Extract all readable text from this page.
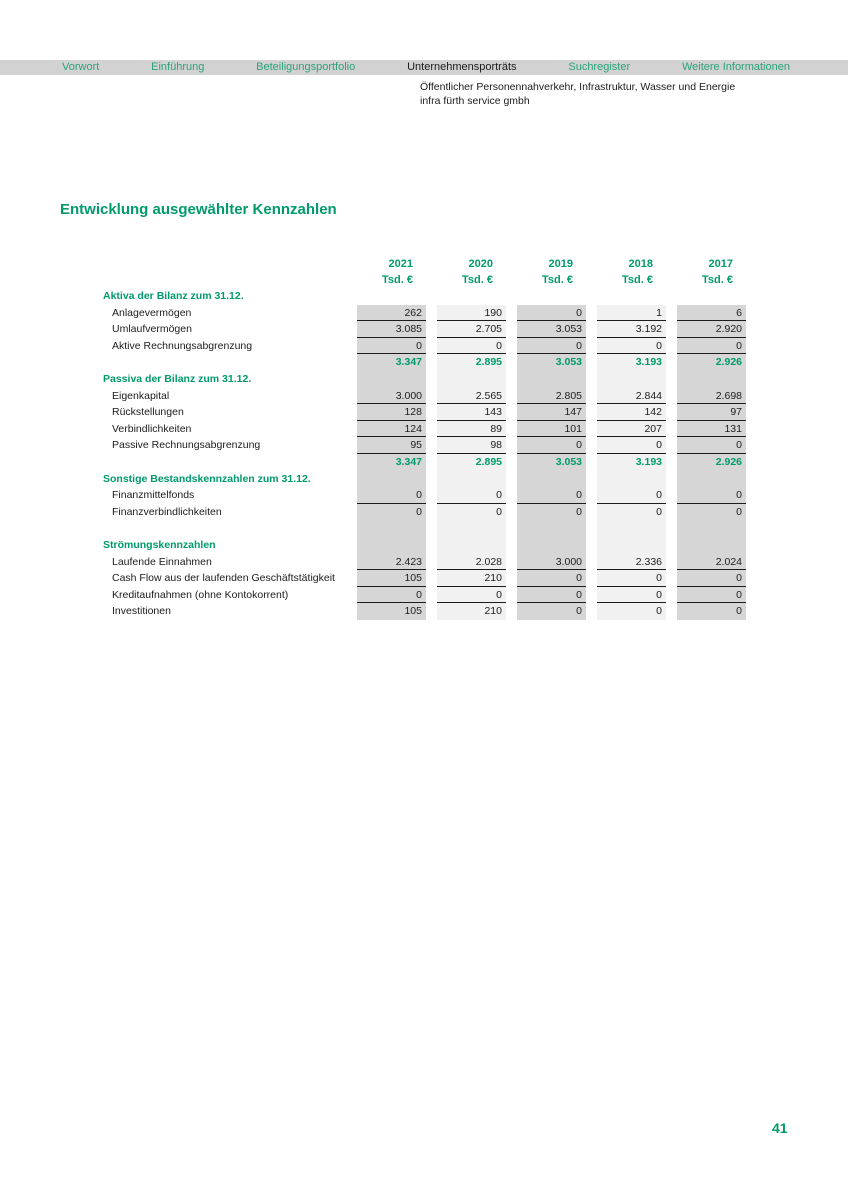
Vorwort	Einführung	Beteiligungsportfolio	Unternehmensporträts	Suchregister	Weitere Informationen
Öffentlicher Personennahverkehr, Infrastruktur, Wasser und Energie
infra fürth service gmbh
Entwicklung ausgewählter Kennzahlen
2021	2020	2019	2018	2017
Tsd. €	Tsd. €	Tsd. €	Tsd. €	Tsd. €
Aktiva der Bilanz zum 31.12.
Anlagevermögen	262	190	0	1	6
Umlaufvermögen	3.085	2.705	3.053	3.192	2.920
Aktive Rechnungsabgrenzung	0	0	0	0	0
3.347	2.895	3.053	3.193	2.926
Passiva der Bilanz zum 31.12.
Eigenkapital	3.000	2.565	2.805	2.844	2.698
Rückstellungen	128	143	147	142	97
Verbindlichkeiten	124	89	101	207	131
Passive Rechnungsabgrenzung	95	98	0	0	0
3.347	2.895	3.053	3.193	2.926
Sonstige Bestandskennzahlen zum 31.12.
Finanzmittelfonds	0	0	0	0	0
Finanzverbindlichkeiten	0	0	0	0	0
Strömungskennzahlen
Laufende Einnahmen	2.423	2.028	3.000	2.336	2.024
Cash Flow aus der laufenden Geschäftstätigkeit	105	210	0	0	0
Kreditaufnahmen (ohne Kontokorrent)	0	0	0	0	0
Investitionen	105	210	0	0	0
41
